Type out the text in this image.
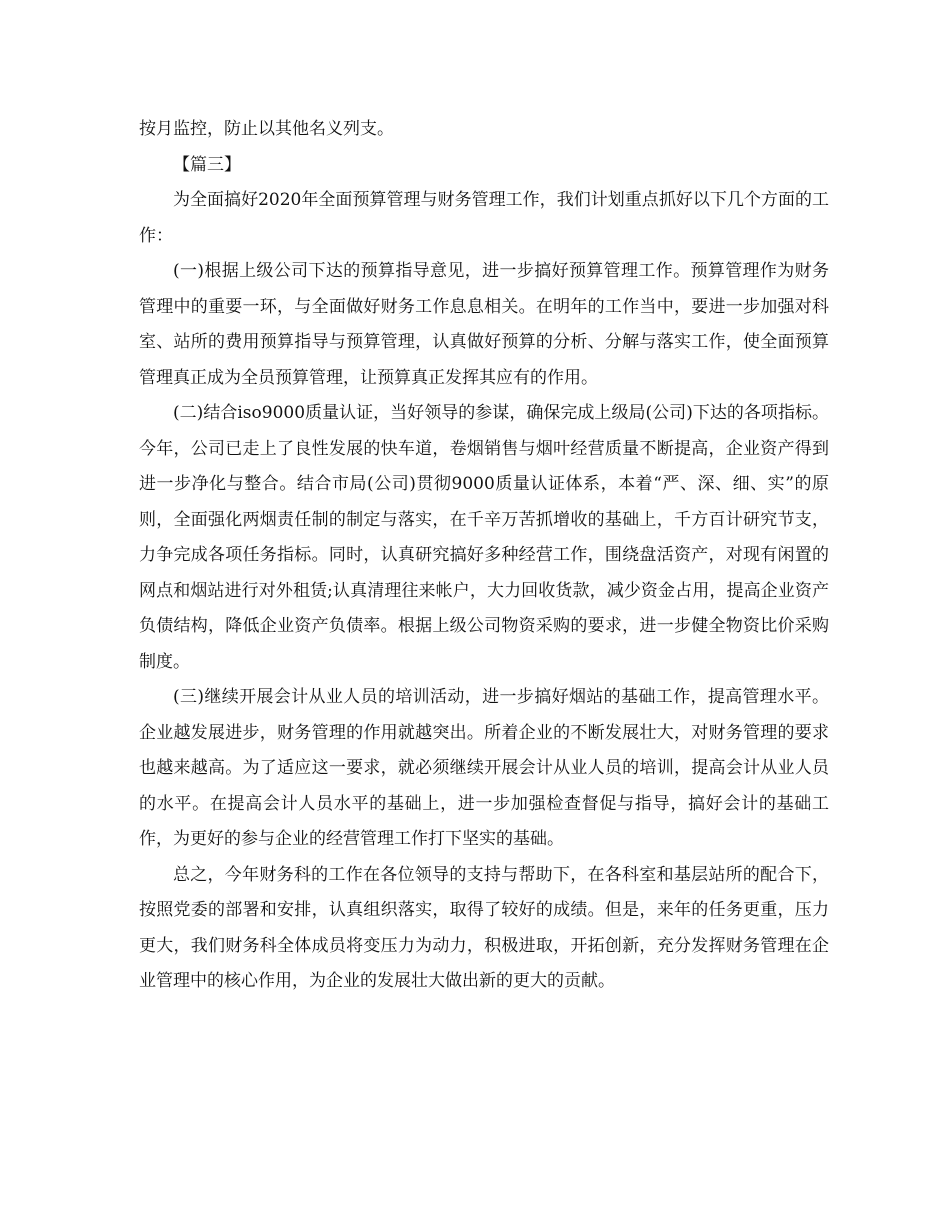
按月监控，防止以其他名义列支。

【篇三】

为全面搞好2020年全面预算管理与财务管理工作，我们计划重点抓好以下几个方面的工作：

(一)根据上级公司下达的预算指导意见，进一步搞好预算管理工作。预算管理作为财务管理中的重要一环，与全面做好财务工作息息相关。在明年的工作当中，要进一步加强对科室、站所的费用预算指导与预算管理，认真做好预算的分析、分解与落实工作，使全面预算管理真正成为全员预算管理，让预算真正发挥其应有的作用。

(二)结合iso9000质量认证，当好领导的参谋，确保完成上级局(公司)下达的各项指标。今年，公司已走上了良性发展的快车道，卷烟销售与烟叶经营质量不断提高，企业资产得到进一步净化与整合。结合市局(公司)贯彻9000质量认证体系，本着“严、深、细、实”的原则，全面强化两烟责任制的制定与落实，在千辛万苦抓增收的基础上，千方百计研究节支，力争完成各项任务指标。同时，认真研究搞好多种经营工作，围绕盘活资产，对现有闲置的网点和烟站进行对外租赁;认真清理往来帐户，大力回收货款，减少资金占用，提高企业资产负债结构，降低企业资产负债率。根据上级公司物资采购的要求，进一步健全物资比价采购制度。

(三)继续开展会计从业人员的培训活动，进一步搞好烟站的基础工作，提高管理水平。企业越发展进步，财务管理的作用就越突出。所着企业的不断发展壮大，对财务管理的要求也越来越高。为了适应这一要求，就必须继续开展会计从业人员的培训，提高会计从业人员的水平。在提高会计人员水平的基础上，进一步加强检查督促与指导，搞好会计的基础工作，为更好的参与企业的经营管理工作打下坚实的基础。

总之，今年财务科的工作在各位领导的支持与帮助下，在各科室和基层站所的配合下，按照党委的部署和安排，认真组织落实，取得了较好的成绩。但是，来年的任务更重，压力更大，我们财务科全体成员将变压力为动力，积极进取，开拓创新，充分发挥财务管理在企业管理中的核心作用，为企业的发展壮大做出新的更大的贡献。
